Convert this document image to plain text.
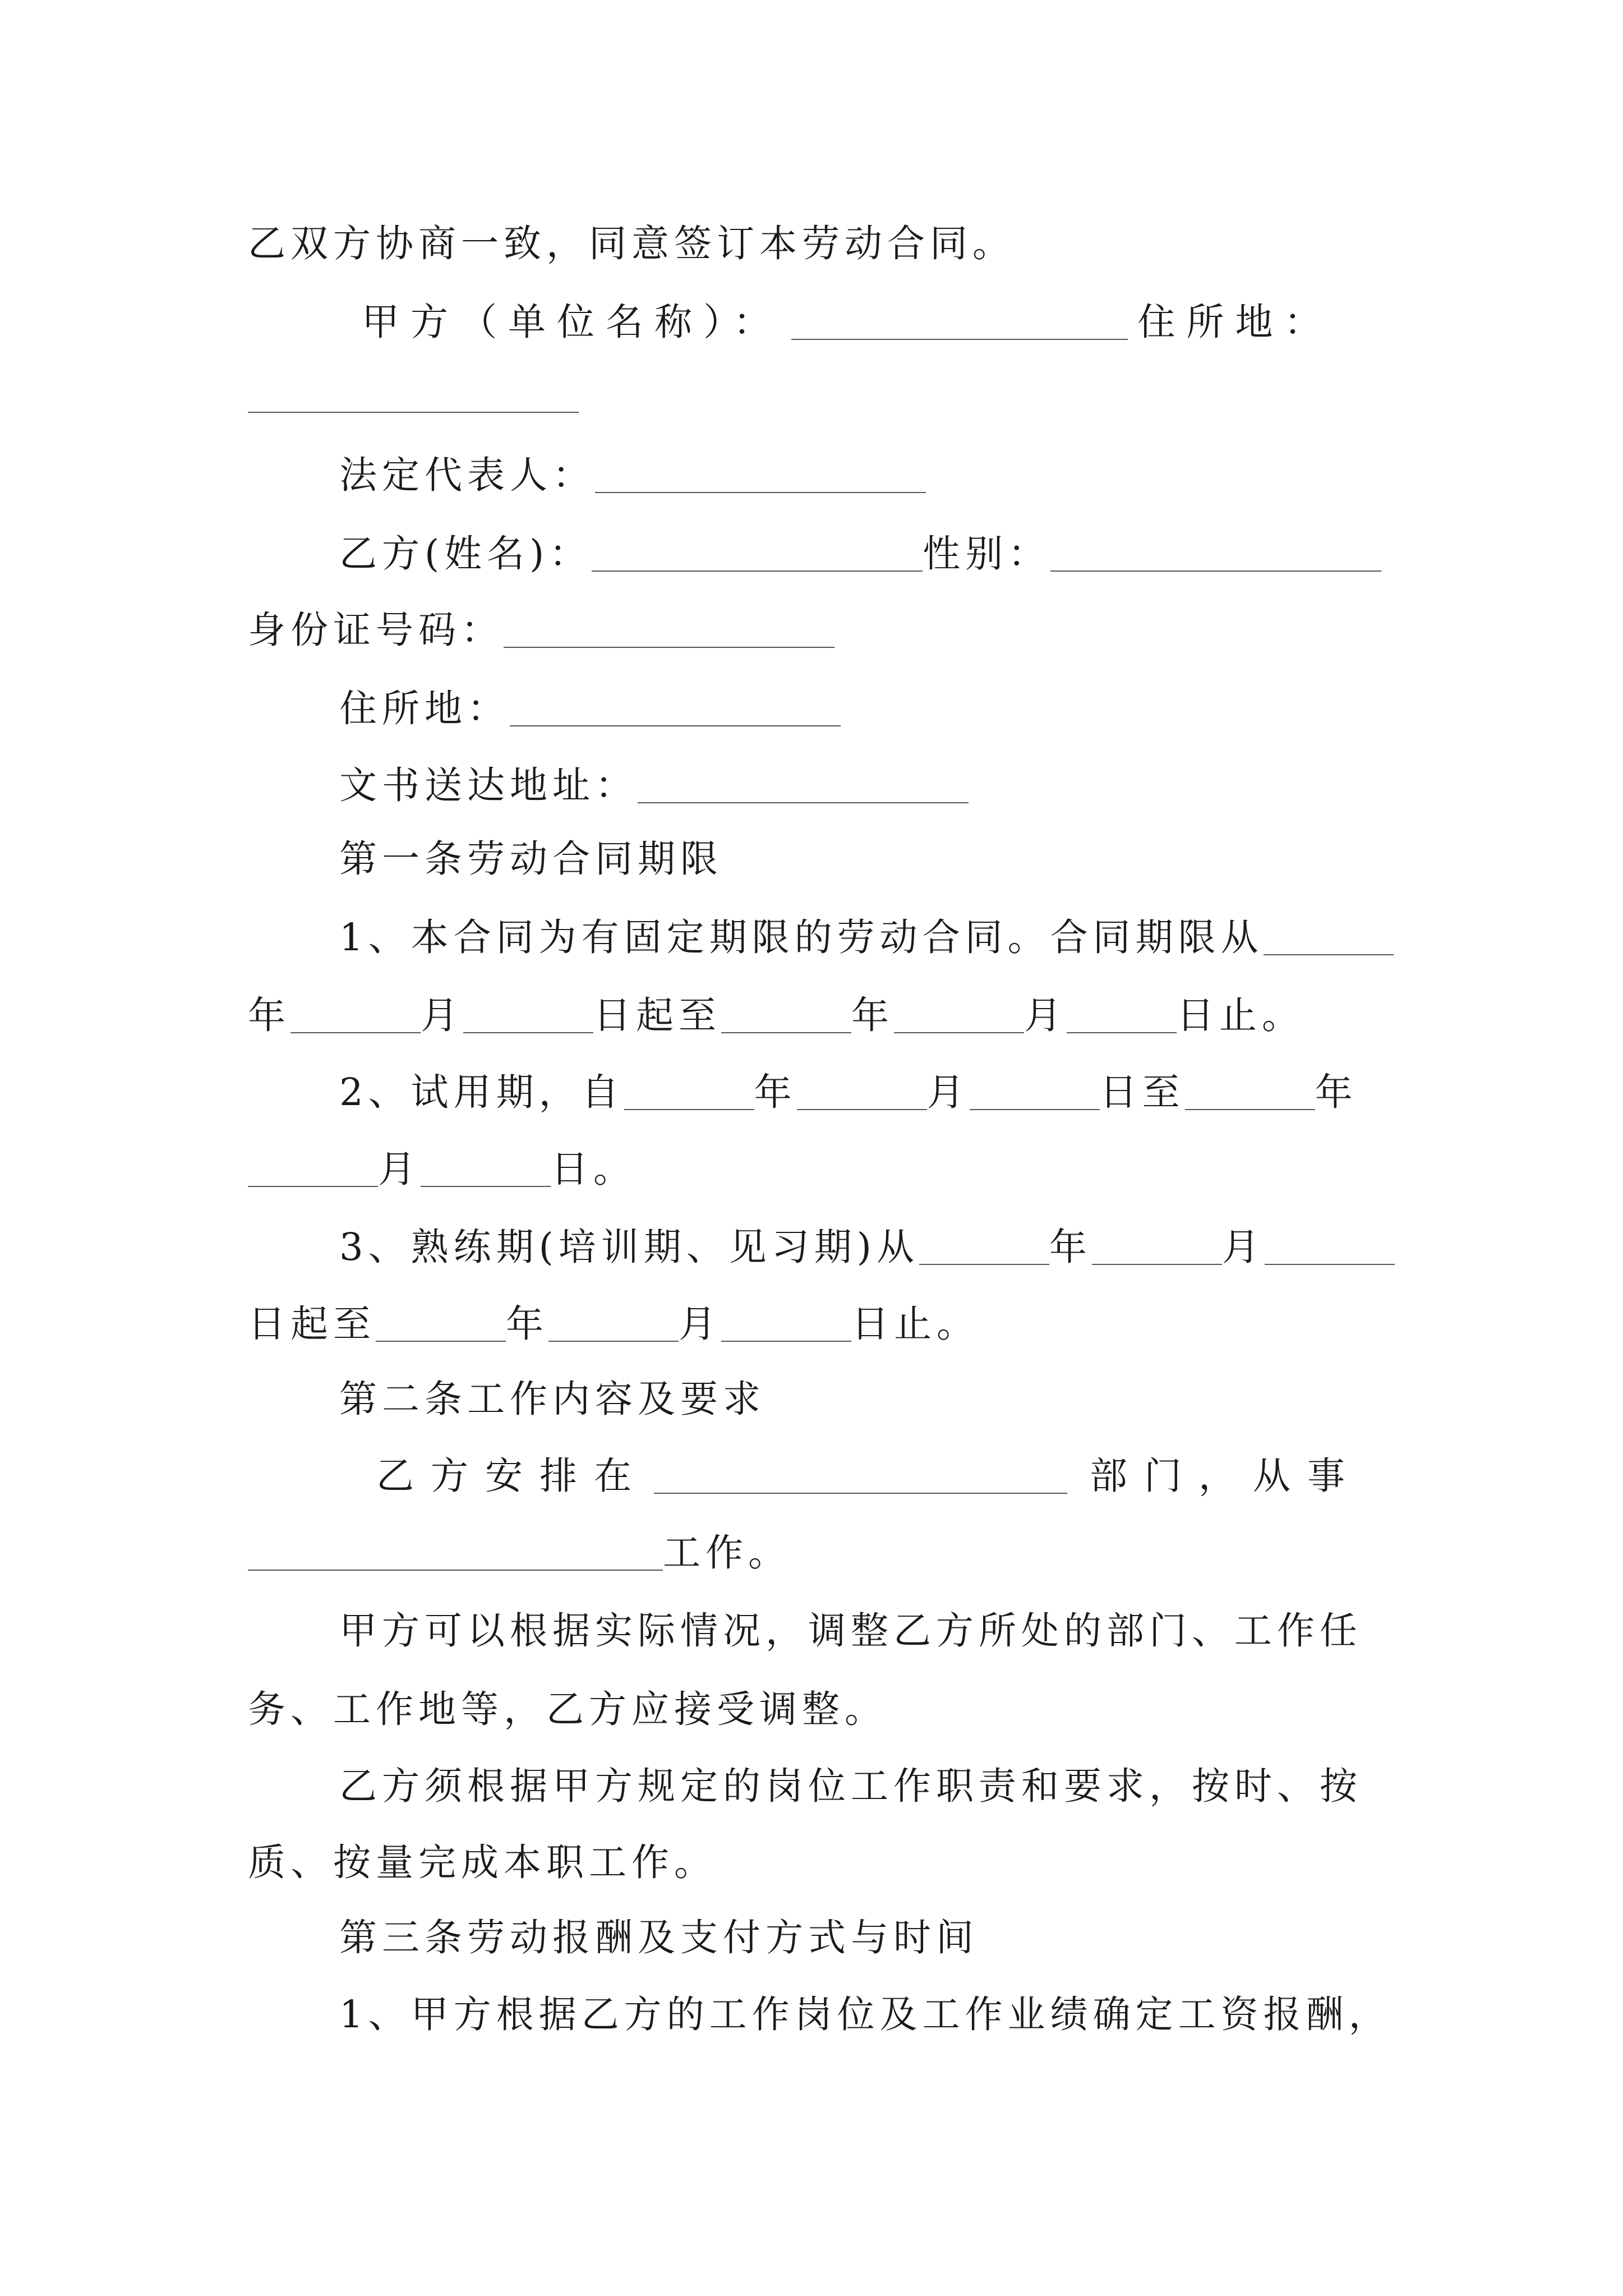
乙双方协商一致，同意签订本劳动合同。
甲方（单位名称）：	住所地：
法定代表人：
乙方(姓名)：	性别：
身份证号码：
住所地：
文书送达地址：
第一条劳动合同期限
1、本合同为有固定期限的劳动合同。合同期限从
年	月	日起至	年	月	日止。
2、试用期，自	年	月	日至	年
月	日。
3、熟练期(培训期、见习期)从	年	月
日起至	年	月	日止。
第二条工作内容及要求
乙方安排在	部门，从事
工作。
甲方可以根据实际情况，调整乙方所处的部门、工作任
务、工作地等，乙方应接受调整。
乙方须根据甲方规定的岗位工作职责和要求，按时、按
质、按量完成本职工作。
第三条劳动报酬及支付方式与时间
1、甲方根据乙方的工作岗位及工作业绩确定工资报酬，
